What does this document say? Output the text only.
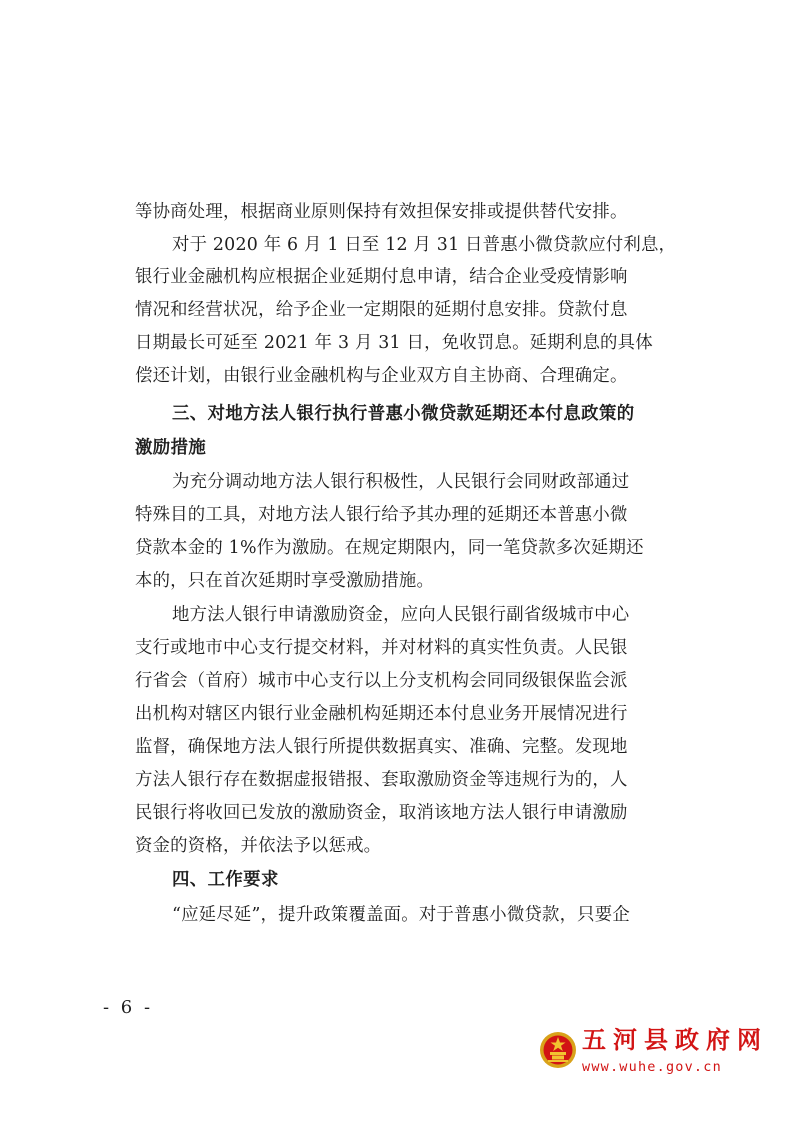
等协商处理，根据商业原则保持有效担保安排或提供替代安排。
对于 2020 年 6 月 1 日至 12 月 31 日普惠小微贷款应付利息，
银行业金融机构应根据企业延期付息申请，结合企业受疫情影响
情况和经营状况，给予企业一定期限的延期付息安排。贷款付息
日期最长可延至 2021 年 3 月 31 日，免收罚息。延期利息的具体
偿还计划，由银行业金融机构与企业双方自主协商、合理确定。
三、对地方法人银行执行普惠小微贷款延期还本付息政策的
激励措施
为充分调动地方法人银行积极性，人民银行会同财政部通过
特殊目的工具，对地方法人银行给予其办理的延期还本普惠小微
贷款本金的 1%作为激励。在规定期限内，同一笔贷款多次延期还
本的，只在首次延期时享受激励措施。
地方法人银行申请激励资金，应向人民银行副省级城市中心
支行或地市中心支行提交材料，并对材料的真实性负责。人民银
行省会（首府）城市中心支行以上分支机构会同同级银保监会派
出机构对辖区内银行业金融机构延期还本付息业务开展情况进行
监督，确保地方法人银行所提供数据真实、准确、完整。发现地
方法人银行存在数据虚报错报、套取激励资金等违规行为的，人
民银行将收回已发放的激励资金，取消该地方法人银行申请激励
资金的资格，并依法予以惩戒。
四、工作要求
“应延尽延”，提升政策覆盖面。对于普惠小微贷款，只要企
- 6 -
五河县政府网
www.wuhe.gov.cn
